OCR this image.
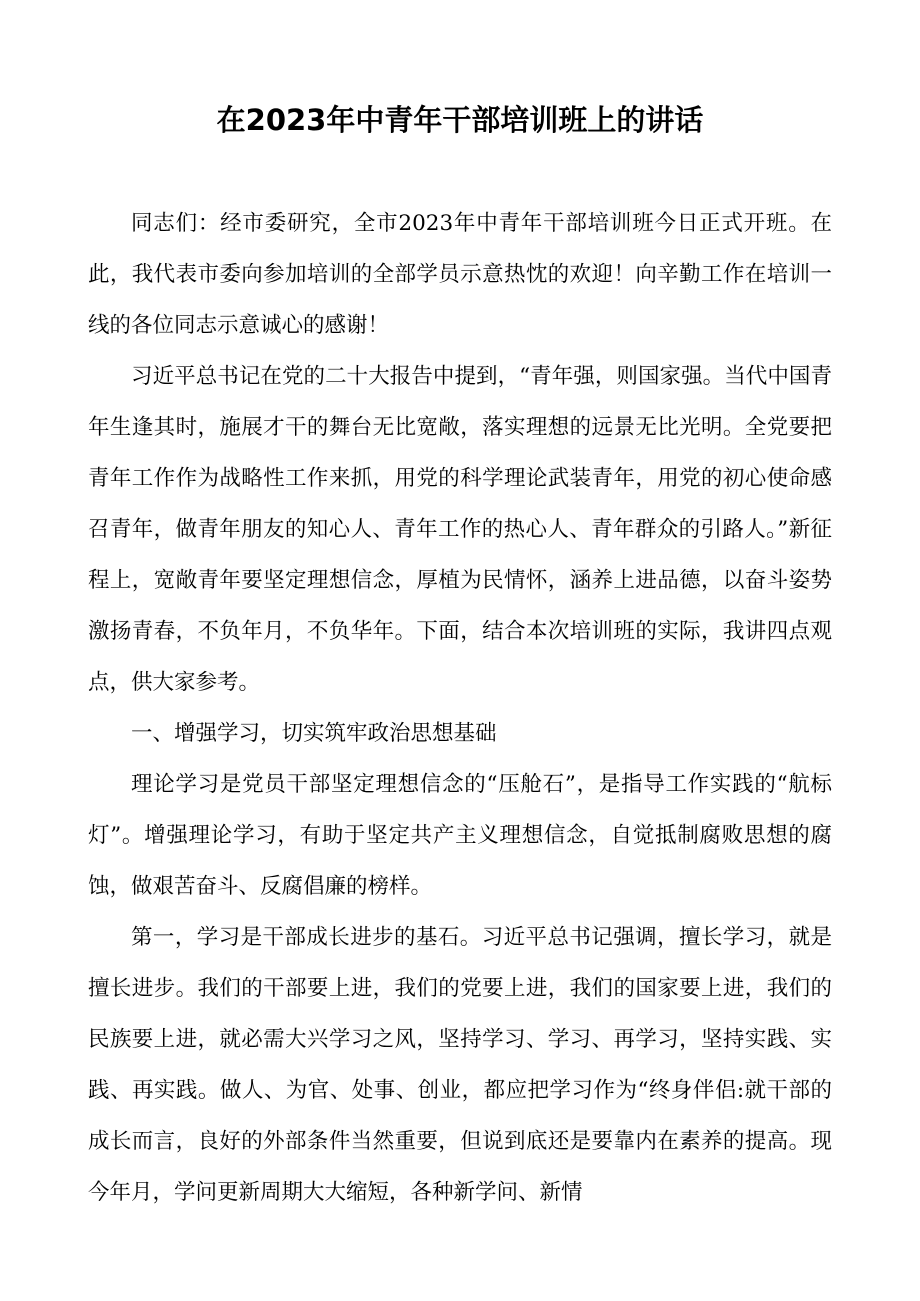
在2023年中青年干部培训班上的讲话

同志们：经市委研究，全市2023年中青年干部培训班今日正式开班。在此，我代表市委向参加培训的全部学员示意热忱的欢迎！向辛勤工作在培训一线的各位同志示意诚心的感谢！

习近平总书记在党的二十大报告中提到，“青年强，则国家强。当代中国青年生逢其时，施展才干的舞台无比宽敞，落实理想的远景无比光明。全党要把青年工作作为战略性工作来抓，用党的科学理论武装青年，用党的初心使命感召青年，做青年朋友的知心人、青年工作的热心人、青年群众的引路人。”新征程上，宽敞青年要坚定理想信念，厚植为民情怀，涵养上进品德，以奋斗姿势激扬青春，不负年月，不负华年。下面，结合本次培训班的实际，我讲四点观点，供大家参考。

一、增强学习，切实筑牢政治思想基础

理论学习是党员干部坚定理想信念的“压舱石”，是指导工作实践的“航标灯”。增强理论学习，有助于坚定共产主义理想信念，自觉抵制腐败思想的腐蚀，做艰苦奋斗、反腐倡廉的榜样。

第一，学习是干部成长进步的基石。习近平总书记强调，擅长学习，就是擅长进步。我们的干部要上进，我们的党要上进，我们的国家要上进，我们的民族要上进，就必需大兴学习之风，坚持学习、学习、再学习，坚持实践、实践、再实践。做人、为官、处事、创业，都应把学习作为“终身伴侣:就干部的成长而言，良好的外部条件当然重要，但说到底还是要靠内在素养的提高。现今年月，学问更新周期大大缩短，各种新学问、新情
